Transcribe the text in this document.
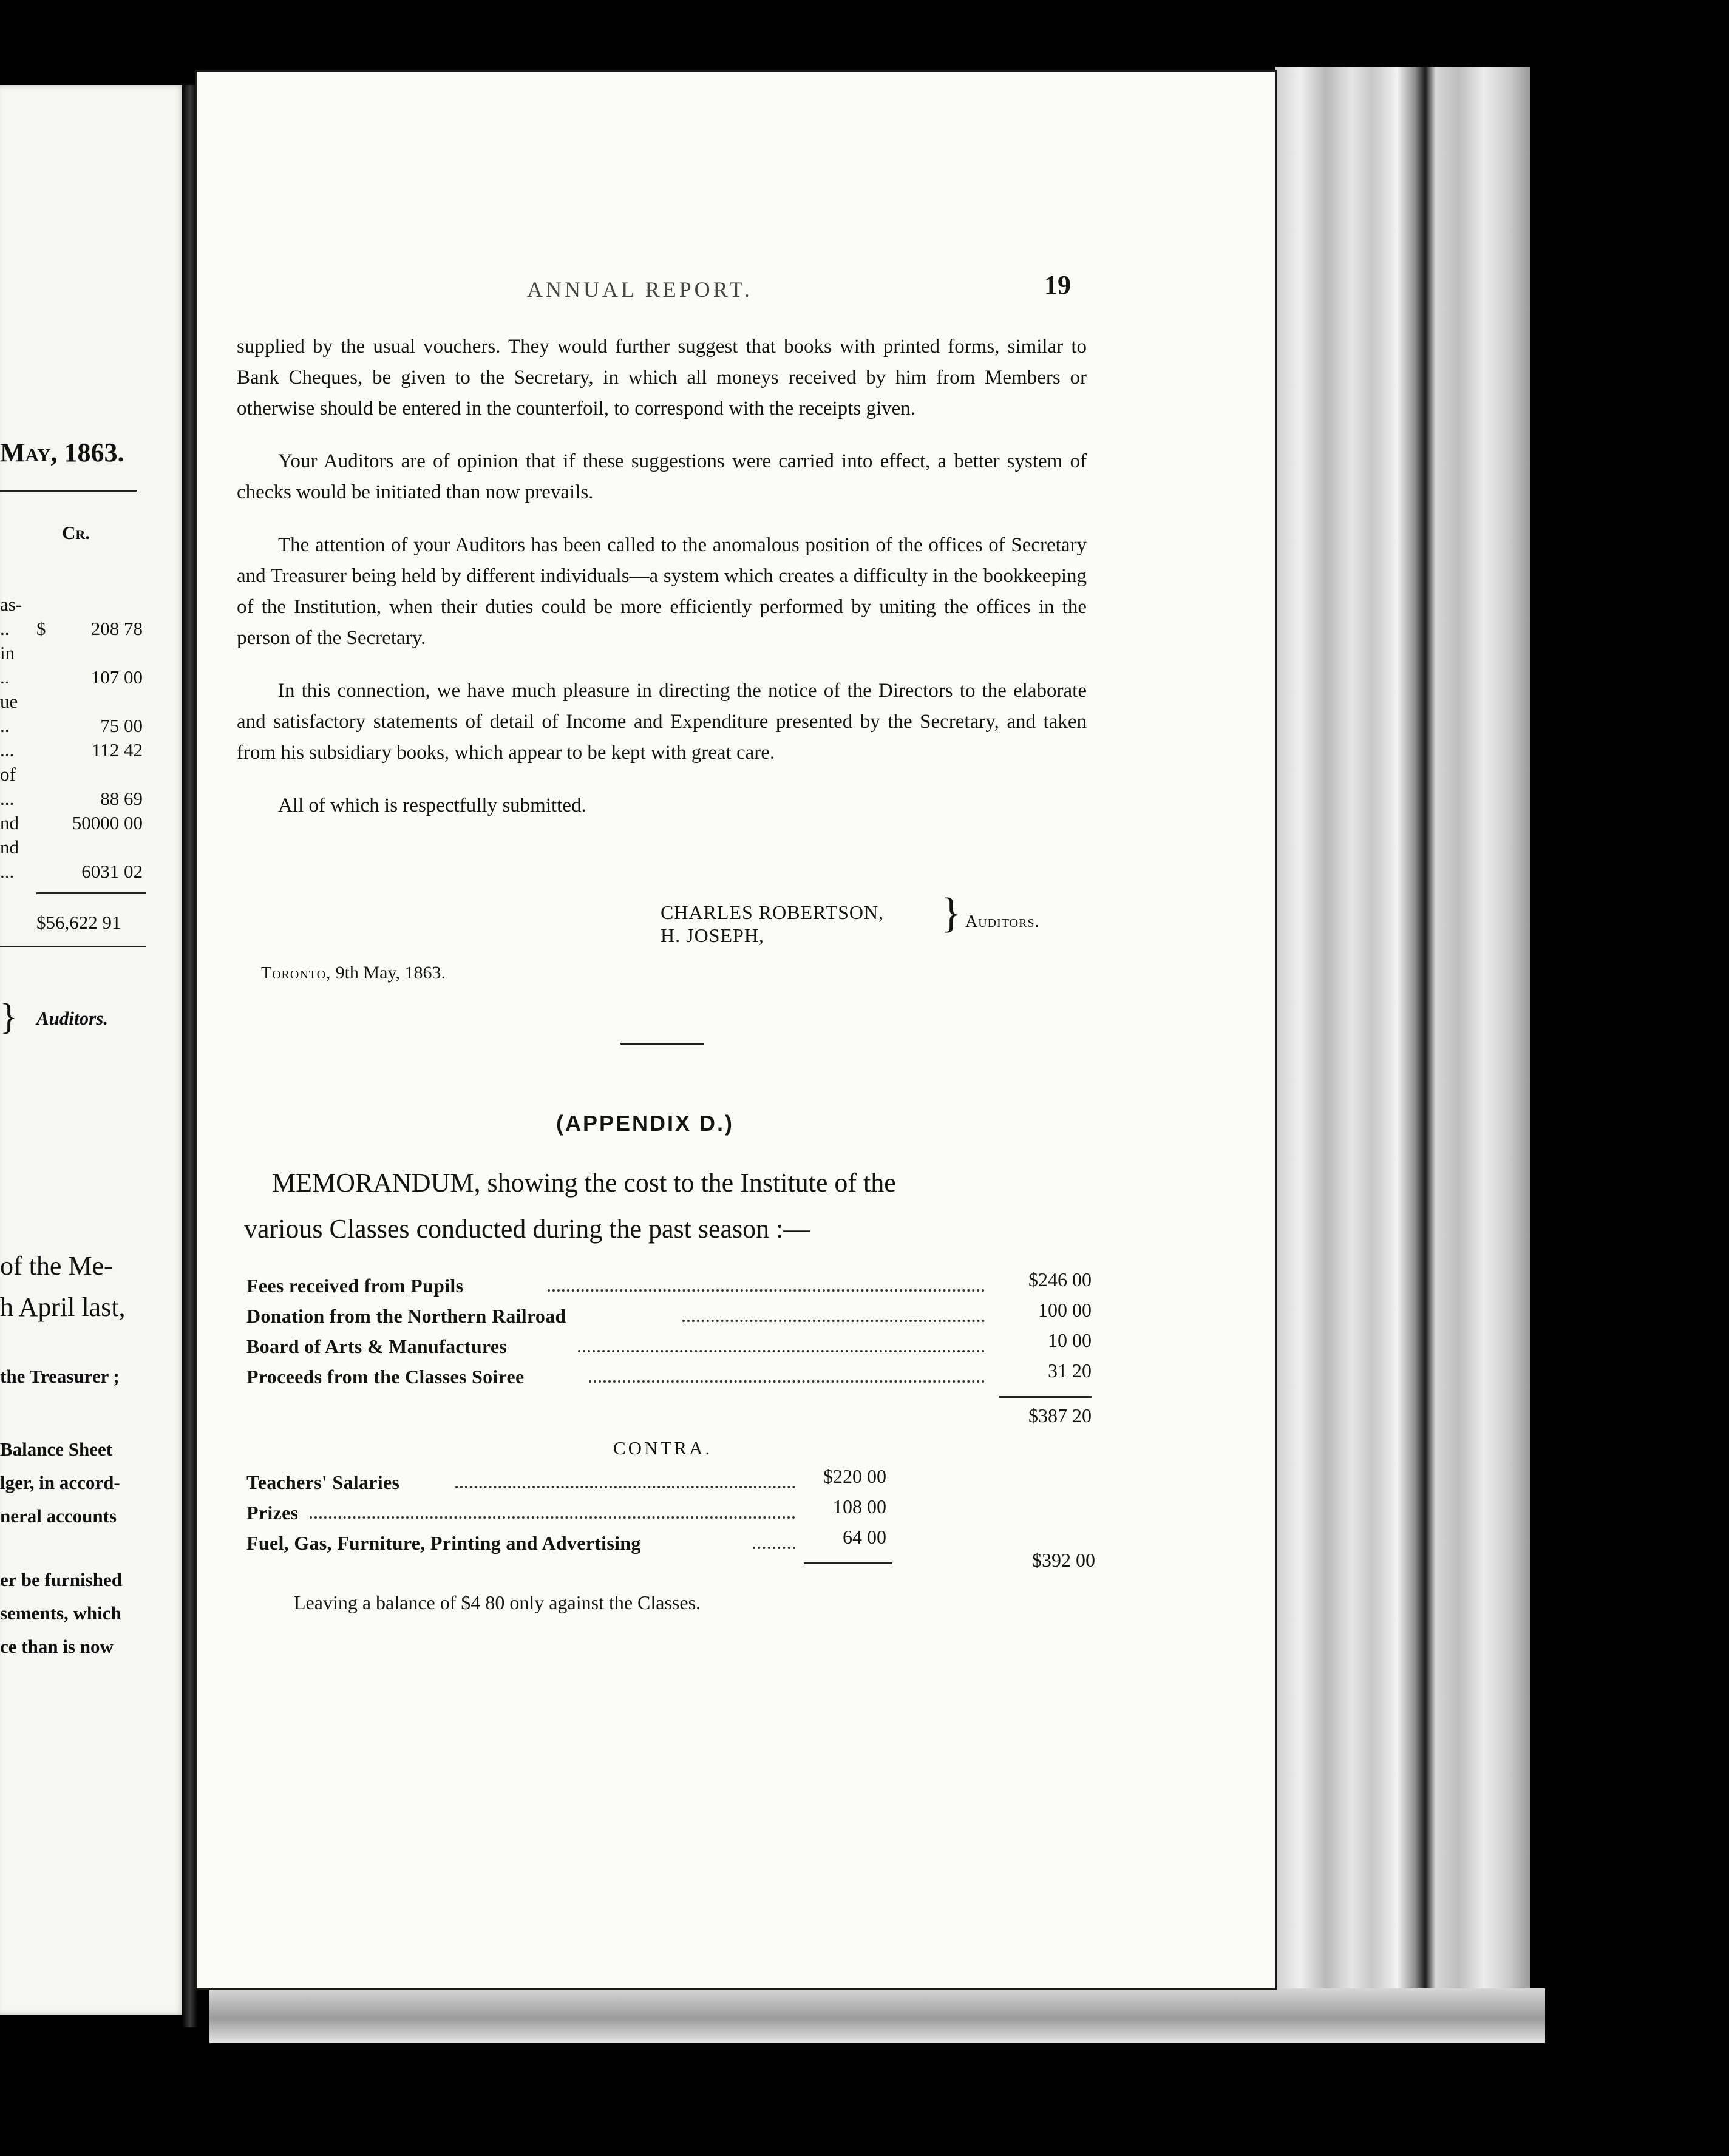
May, 1863.
Cr.
as-
.. $ 208 78
in
..	107 00
ue
..	75 00
...	112 42
of
...	88 69
nd	50000 00
nd
...	6031 02
$56,622 91
} Auditors.
of the Me-
h April last,
the Treasurer ;
Balance Sheet
lger, in accord-
neral accounts
er be furnished
sements, which
ce than is now
ANNUAL REPORT.	19

supplied by the usual vouchers. They would further suggest that books with printed forms, similar to Bank Cheques, be given to the Secretary, in which all moneys received by him from Members or otherwise should be entered in the counterfoil, to correspond with the receipts given.

Your Auditors are of opinion that if these suggestions were carried into effect, a better system of checks would be initiated than now prevails.

The attention of your Auditors has been called to the anomalous position of the offices of Secretary and Treasurer being held by different individuals—a system which creates a difficulty in the bookkeeping of the Institution, when their duties could be more efficiently performed by uniting the offices in the person of the Secretary.

In this connection, we have much pleasure in directing the notice of the Directors to the elaborate and satisfactory statements of detail of Income and Expenditure presented by the Secretary, and taken from his subsidiary books, which appear to be kept with great care.

All of which is respectfully submitted.

CHARLES ROBERTSON,
H. JOSEPH,	} Auditors.
Toronto, 9th May, 1863.
(APPENDIX D.)
MEMORANDUM, showing the cost to the Institute of the
various Classes conducted during the past season :—
Fees received from Pupils	$246 00
Donation from the Northern Railroad	100 00
Board of Arts & Manufactures	10 00
Proceeds from the Classes Soiree	31 20
$387 20
CONTRA.
Teachers' Salaries	$220 00
Prizes	108 00
Fuel, Gas, Furniture, Printing and Advertising	64 00
$392 00
Leaving a balance of $4 80 only against the Classes.
